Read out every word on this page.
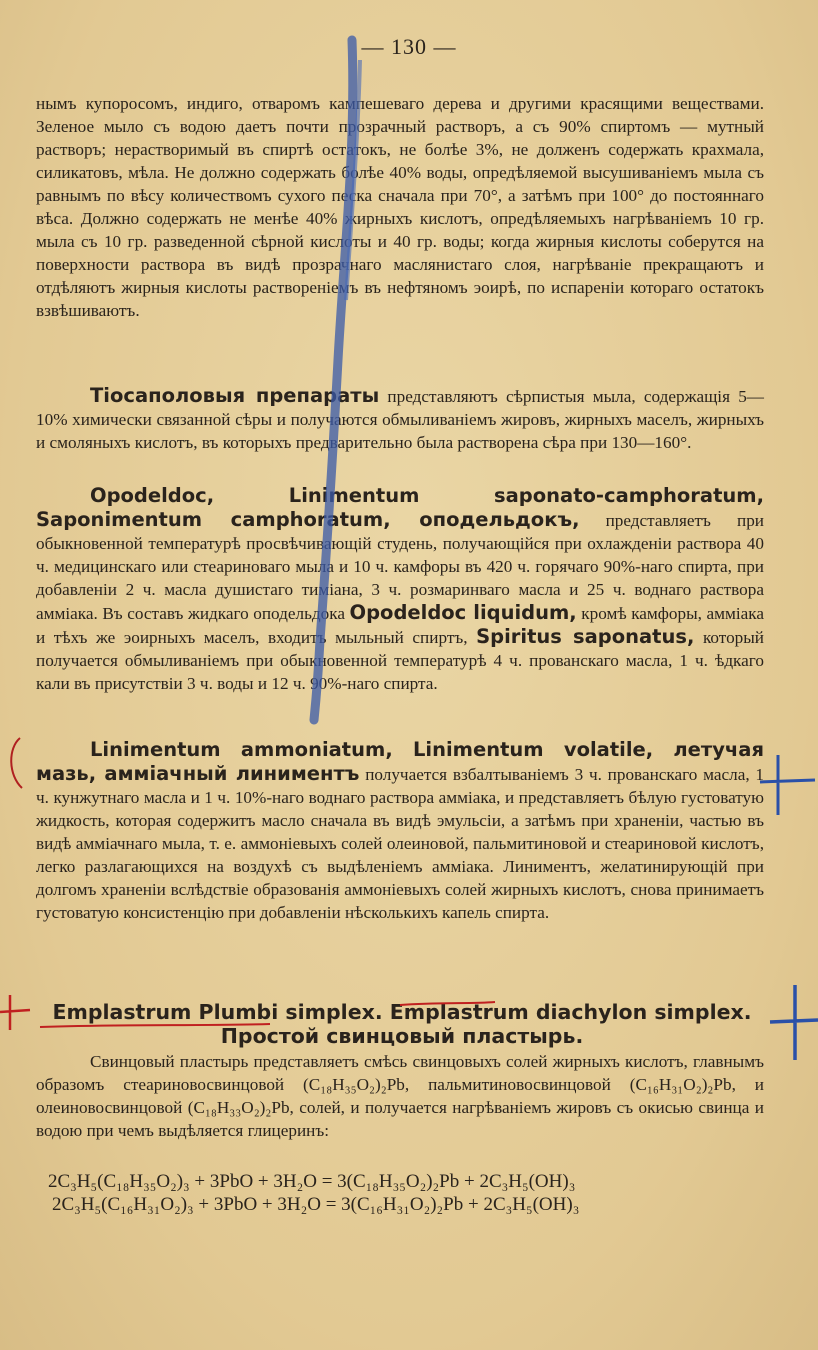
— 130 —

нымъ купоросомъ, индиго, отваромъ кампешеваго дерева и другими красящими веществами. Зеленое мыло съ водою даетъ почти прозрачный растворъ, а съ 90% спиртомъ — мутный растворъ; нерастворимый въ спиртѣ остатокъ, не болѣе 3%, не долженъ содержать крахмала, силикатовъ, мѣла. Не должно содержать болѣе 40% воды, опредѣляемой высушиваніемъ мыла съ равнымъ по вѣсу количествомъ сухого песка сначала при 70°, а затѣмъ при 100° до постояннаго вѣса. Должно содержать не менѣе 40% жирныхъ кислотъ, опредѣляемыхъ нагрѣваніемъ 10 гр. мыла съ 10 гр. разведенной сѣрной кислоты и 40 гр. воды; когда жирныя кислоты соберутся на поверхности раствора въ видѣ прозрачнаго маслянистаго слоя, нагрѣваніе прекращаютъ и отдѣляютъ жирныя кислоты раствореніемъ въ нефтяномъ эоирѣ, по испареніи котораго остатокъ взвѣшиваютъ.

Тіосаполовыя препараты представляютъ сѣрпистыя мыла, содержащія 5—10% химически связанной сѣры и получаются обмыливаніемъ жировъ, жирныхъ маселъ, жирныхъ и смоляныхъ кислотъ, въ которыхъ предварительно была растворена сѣра при 130—160°.

Opodeldoc, Linimentum saponato-camphoratum, Saponimentum camphoratum, оподельдокъ, представляетъ при обыкновенной температурѣ просвѣчивающій студень, получающійся при охлажденіи раствора 40 ч. медицинскаго или стеариноваго мыла и 10 ч. камфоры въ 420 ч. горячаго 90%-наго спирта, при добавленіи 2 ч. масла душистаго тиміана, 3 ч. розмаринваго масла и 25 ч. воднаго раствора амміака. Въ составъ жидкаго оподельдока Opodeldoc liquidum, кромѣ камфоры, амміака и тѣхъ же эоирныхъ маселъ, входитъ мыльный спиртъ, Spiritus saponatus, который получается обмыливаніемъ при обыкновенной температурѣ 4 ч. прованскаго масла, 1 ч. ѣдкаго кали въ присутствіи 3 ч. воды и 12 ч. 90%-наго спирта.

Linimentum ammoniatum, Linimentum volatile, летучая мазь, амміачный линиментъ получается взбалтываніемъ 3 ч. прованскаго масла, 1 ч. кунжутнаго масла и 1 ч. 10%-наго воднаго раствора амміака, и представляетъ бѣлую густоватую жидкость, которая содержитъ масло сначала въ видѣ эмульсіи, а затѣмъ при храненіи, частью въ видѣ амміачнаго мыла, т. е. аммоніевыхъ солей олеиновой, пальмитиновой и стеариновой кислотъ, легко разлагающихся на воздухѣ съ выдѣленіемъ амміака. Линиментъ, желатинирующій при долгомъ храненіи вслѣдствіе образованія аммоніевыхъ солей жирныхъ кислотъ, снова принимаетъ густоватую консистенцію при добавленіи нѣсколькихъ капель спирта.

Emplastrum Plumbi simplex. Emplastrum diachylon simplex. Простой свинцовый пластырь.

Свинцовый пластырь представляетъ смѣсь свинцовыхъ солей жирныхъ кислотъ, главнымъ образомъ стеариновосвинцовой (C₁₈H₃₅O₂)₂Pb, пальмитиновосвинцовой (C₁₆H₃₁O₂)₂Pb, и олеиновосвинцовой (C₁₈H₃₃O₂)₂Pb, солей, и получается нагрѣваніемъ жировъ съ окисью свинца и водою при чемъ выдѣляется глицеринъ:

2C₃H₅(C₁₈H₃₅O₂)₃ + 3PbO + 3H₂O = 3(C₁₈H₃₅O₂)₂Pb + 2C₃H₅(OH)₃
2C₃H₅(C₁₆H₃₁O₂)₃ + 3PbO + 3H₂O = 3(C₁₆H₃₁O₂)₂Pb + 2C₃H₅(OH)₃
